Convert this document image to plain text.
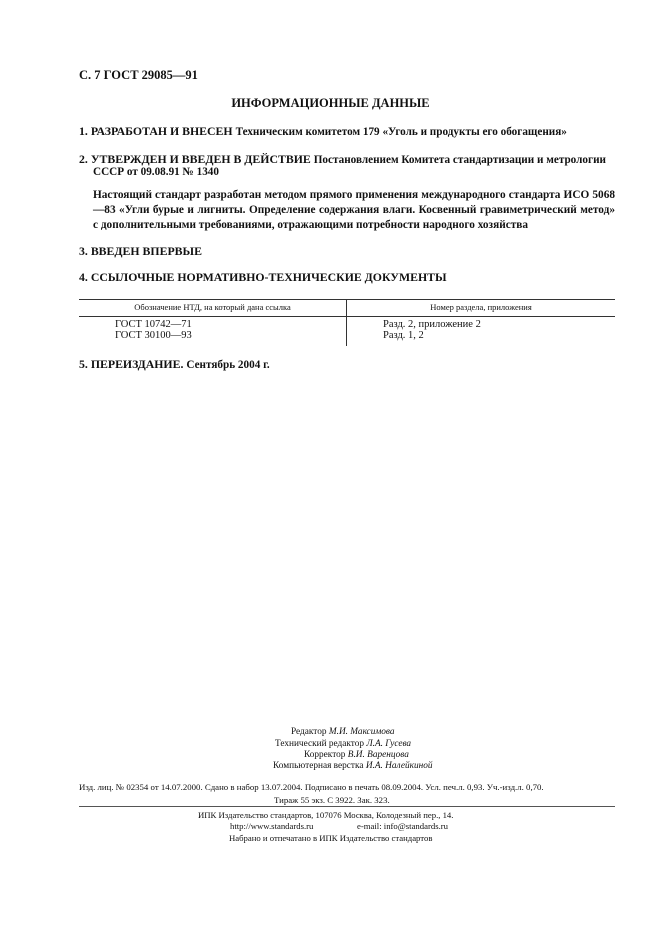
С. 7 ГОСТ 29085—91
ИНФОРМАЦИОННЫЕ ДАННЫЕ
1. РАЗРАБОТАН И ВНЕСЕН Техническим комитетом 179 «Уголь и продукты его обогащения»
2. УТВЕРЖДЕН И ВВЕДЕН В ДЕЙСТВИЕ Постановлением Комитета стандартизации и метрологии
СССР от 09.08.91 № 1340
Настоящий стандарт разработан методом прямого применения международного стандарта ИСО 5068—83 «Угли бурые и лигниты. Определение содержания влаги. Косвенный гравиметрический метод» с дополнительными требованиями, отражающими потребности народного хозяйства
3. ВВЕДЕН ВПЕРВЫЕ
4. ССЫЛОЧНЫЕ НОРМАТИВНО-ТЕХНИЧЕСКИЕ ДОКУМЕНТЫ
Обозначение НТД, на который дана ссылка	Номер раздела, приложения
ГОСТ 10742—71	Разд. 2, приложение 2
ГОСТ 30100—93	Разд. 1, 2
5. ПЕРЕИЗДАНИЕ. Сентябрь 2004 г.
Редактор М.И. Максимова
Технический редактор Л.А. Гусева
Корректор В.И. Варенцова
Компьютерная верстка И.А. Налейкиной
Изд. лиц. № 02354 от 14.07.2000. Сдано в набор 13.07.2004. Подписано в печать 08.09.2004. Усл. печ.л. 0,93. Уч.-изд.л. 0,70.
Тираж 55 экз. С 3922. Зак. 323.
ИПК Издательство стандартов, 107076 Москва, Колодезный пер., 14.
http://www.standards.ru	e-mail: info@standards.ru
Набрано и отпечатано в ИПК Издательство стандартов
